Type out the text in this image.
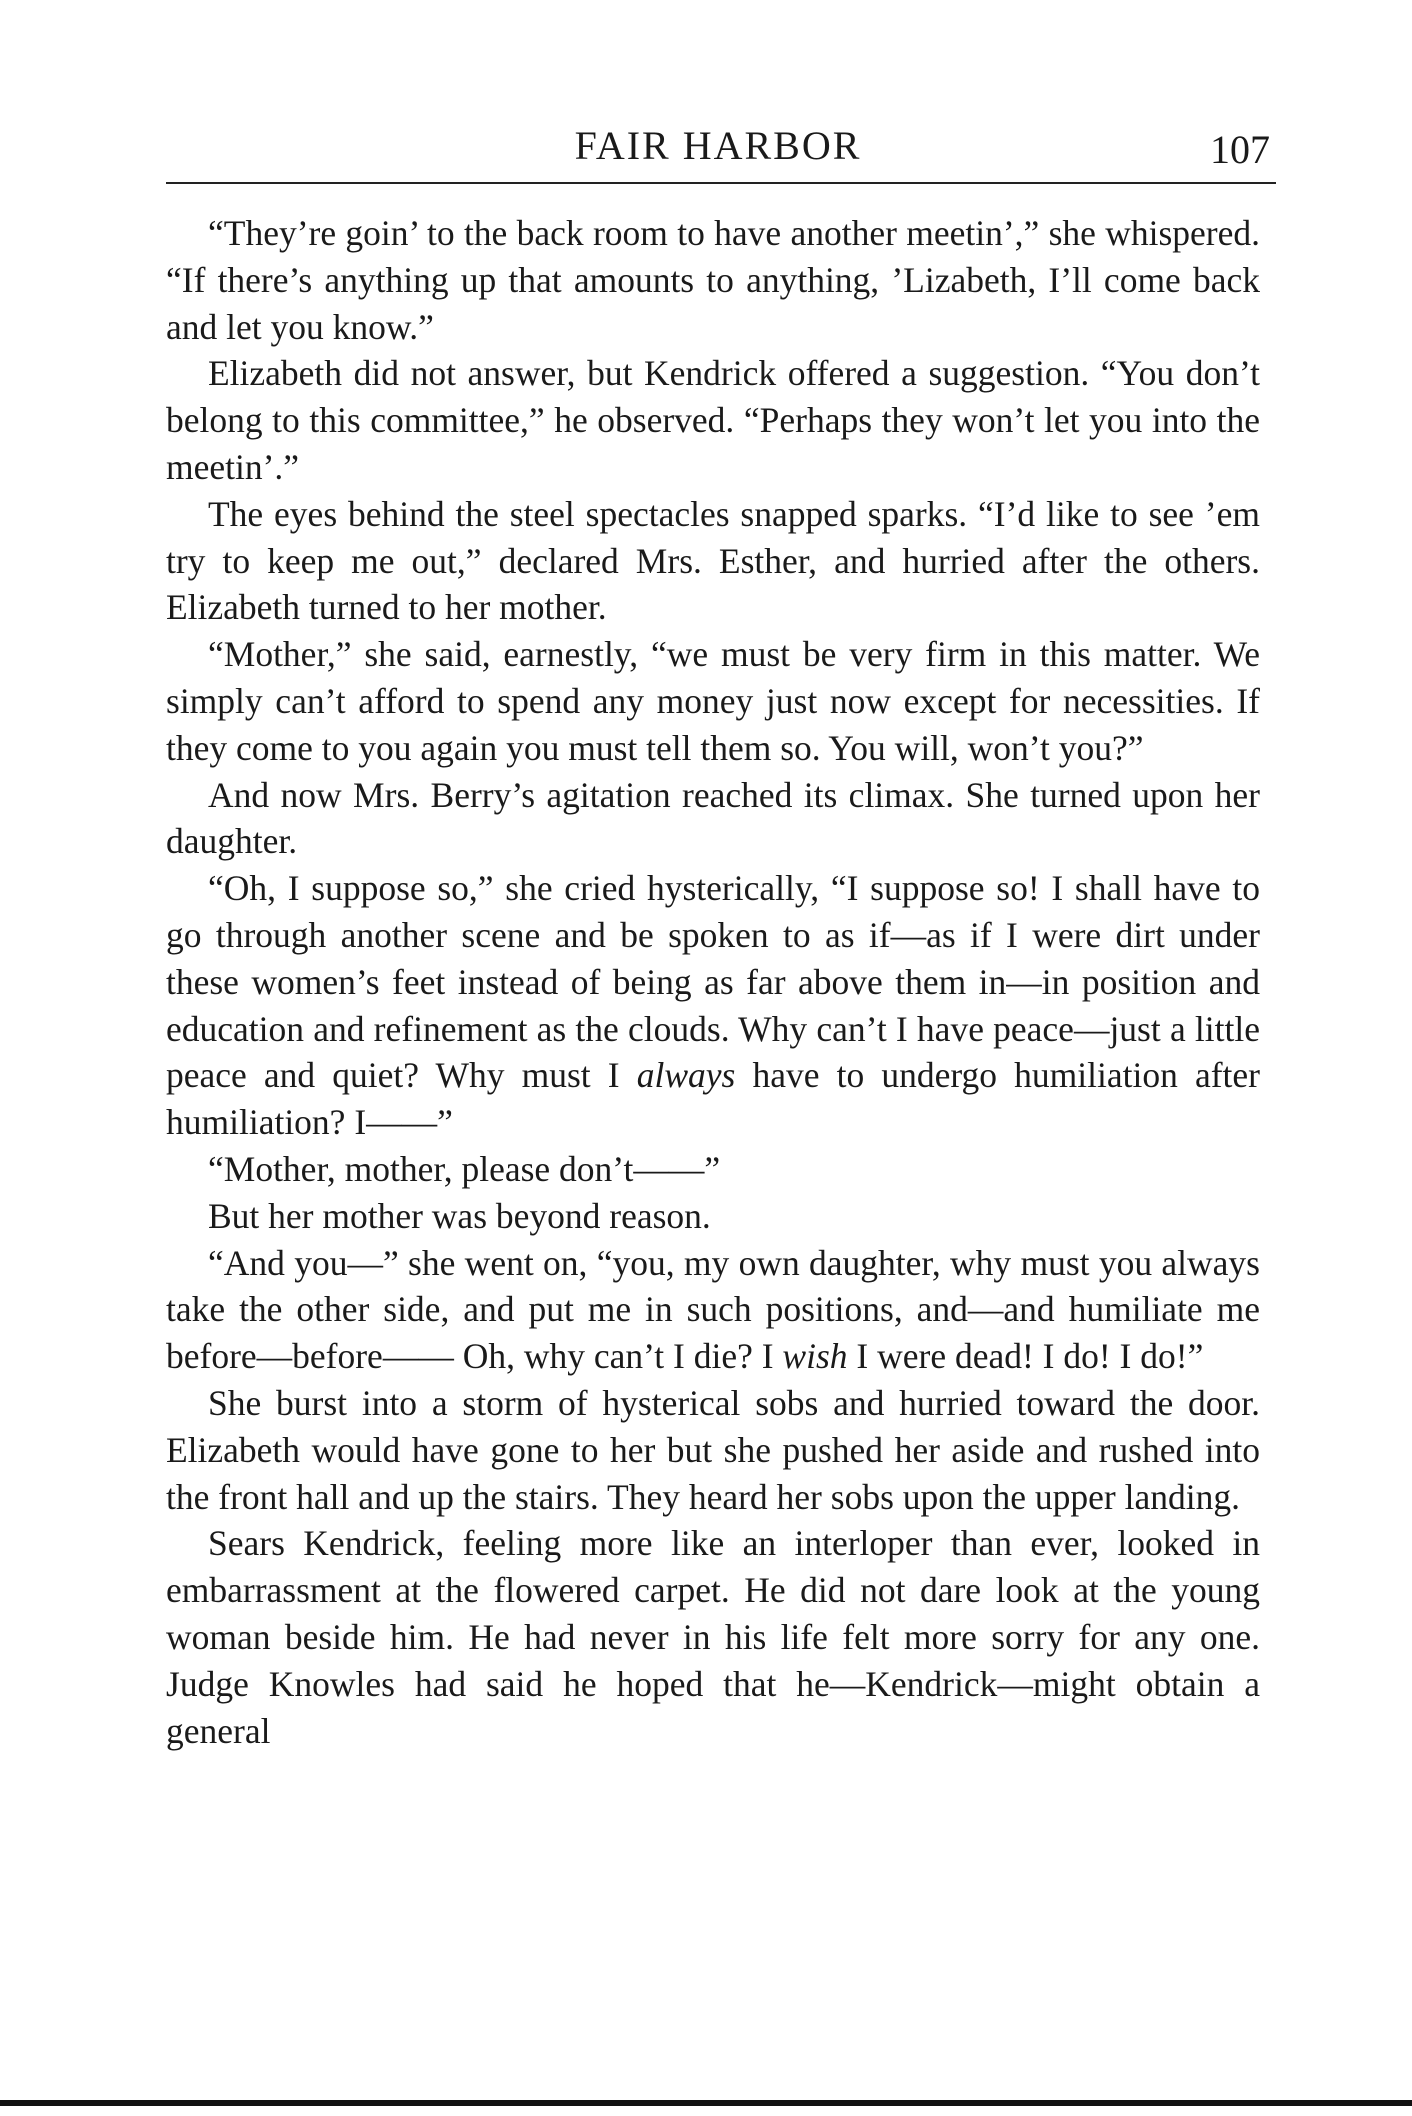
FAIR HARBOR	107

“They’re goin’ to the back room to have another meetin’,” she whispered. “If there’s anything up that amounts to anything, ’Lizabeth, I’ll come back and let you know.”

Elizabeth did not answer, but Kendrick offered a suggestion. “You don’t belong to this committee,” he observed. “Perhaps they won’t let you into the meetin’.”

The eyes behind the steel spectacles snapped sparks. “I’d like to see ’em try to keep me out,” declared Mrs. Esther, and hurried after the others. Elizabeth turned to her mother.

“Mother,” she said, earnestly, “we must be very firm in this matter. We simply can’t afford to spend any money just now except for necessities. If they come to you again you must tell them so. You will, won’t you?”

And now Mrs. Berry’s agitation reached its climax. She turned upon her daughter.

“Oh, I suppose so,” she cried hysterically, “I suppose so! I shall have to go through another scene and be spoken to as if—as if I were dirt under these women’s feet instead of being as far above them in—in position and education and refinement as the clouds. Why can’t I have peace—just a little peace and quiet? Why must I always have to undergo humiliation after humiliation? I——”

“Mother, mother, please don’t——”

But her mother was beyond reason.

“And you—” she went on, “you, my own daughter, why must you always take the other side, and put me in such positions, and—and humiliate me before—before—— Oh, why can’t I die? I wish I were dead! I do! I do!”

She burst into a storm of hysterical sobs and hurried toward the door. Elizabeth would have gone to her but she pushed her aside and rushed into the front hall and up the stairs. They heard her sobs upon the upper landing.

Sears Kendrick, feeling more like an interloper than ever, looked in embarrassment at the flowered carpet. He did not dare look at the young woman beside him. He had never in his life felt more sorry for any one. Judge Knowles had said he hoped that he—Kendrick—might obtain a general
